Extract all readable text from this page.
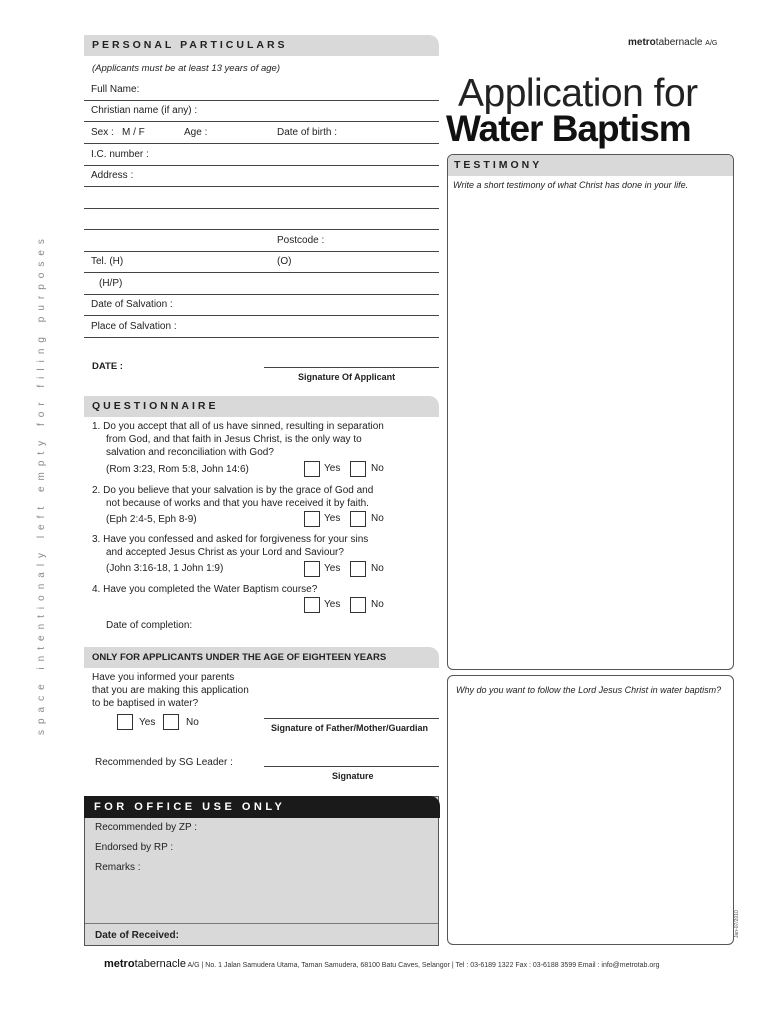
space intentionaly left empty for filing purposes
metrotabernacle A/G
Application for
Water Baptism
PERSONAL PARTICULARS
(Applicants must be at least 13 years of age)
Full Name:
Christian name (if any) :
Sex : M / F	Age :	Date of birth :
I.C. number :
Address :
Postcode :
Tel. (H)	(O)
(H/P)
Date of Salvation :
Place of Salvation :
DATE :
Signature Of Applicant
QUESTIONNAIRE
1. Do you accept that all of us have sinned, resulting in separation
from God, and that faith in Jesus Christ, is the only way to
salvation and reconciliation with God?
(Rom 3:23, Rom 5:8, John 14:6)	Yes	No
2. Do you believe that your salvation is by the grace of God and
not because of works and that you have received it by faith.
(Eph 2:4-5, Eph 8-9)	Yes	No
3. Have you confessed and asked for forgiveness for your sins
and accepted Jesus Christ as your Lord and Saviour?
(John 3:16-18, 1 John 1:9)	Yes	No
4. Have you completed the Water Baptism course?
Yes	No
Date of completion:
ONLY FOR APPLICANTS UNDER THE AGE OF EIGHTEEN YEARS
Have you informed your parents
that you are making this application
to be baptised in water?
Yes	No	Signature of Father/Mother/Guardian
Recommended by SG Leader :
Signature
FOR OFFICE USE ONLY
Recommended by ZP :
Endorsed by RP :
Remarks :
Date of Received:
TESTIMONY
Write a short testimony of what Christ has done in your life.
Why do you want to follow the Lord Jesus Christ in water baptism?
Jan-07/2010
metrotabernacle A/G | No. 1 Jalan Samudera Utama, Taman Samudera, 68100 Batu Caves, Selangor | Tel : 03-6189 1322 Fax : 03-6188 3599 Email : info@metrotab.org
